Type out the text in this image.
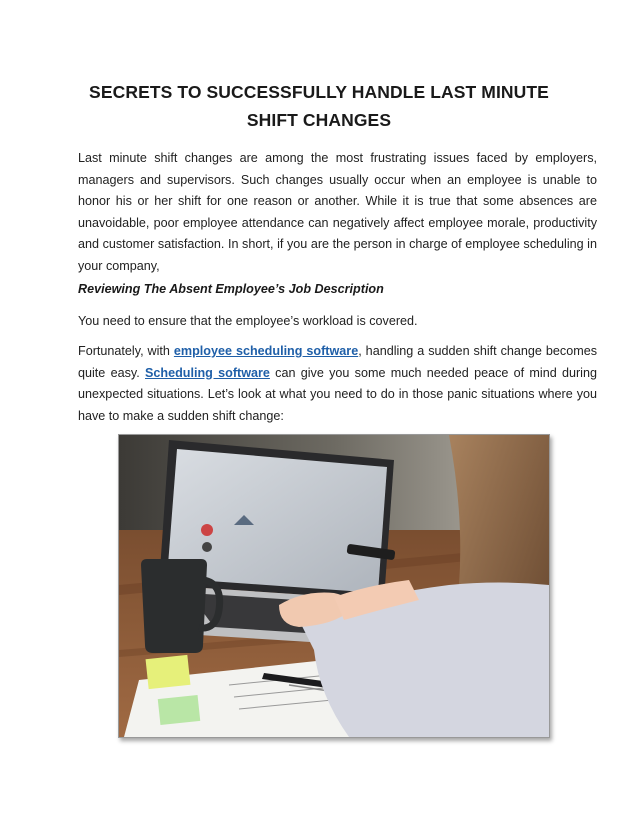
SECRETS TO SUCCESSFULLY HANDLE LAST MINUTE SHIFT CHANGES
Last minute shift changes are among the most frustrating issues faced by employers, managers and supervisors. Such changes usually occur when an employee is unable to honor his or her shift for one reason or another. While it is true that some absences are unavoidable, poor employee attendance can negatively affect employee morale, productivity and customer satisfaction. In short, if you are the person in charge of employee scheduling in your company,
Reviewing The Absent Employee’s Job Description
You need to ensure that the employee’s workload is covered.
Fortunately, with employee scheduling software, handling a sudden shift change becomes quite easy. Scheduling software can give you some much needed peace of mind during unexpected situations. Let’s look at what you need to do in those panic situations where you have to make a sudden shift change:
